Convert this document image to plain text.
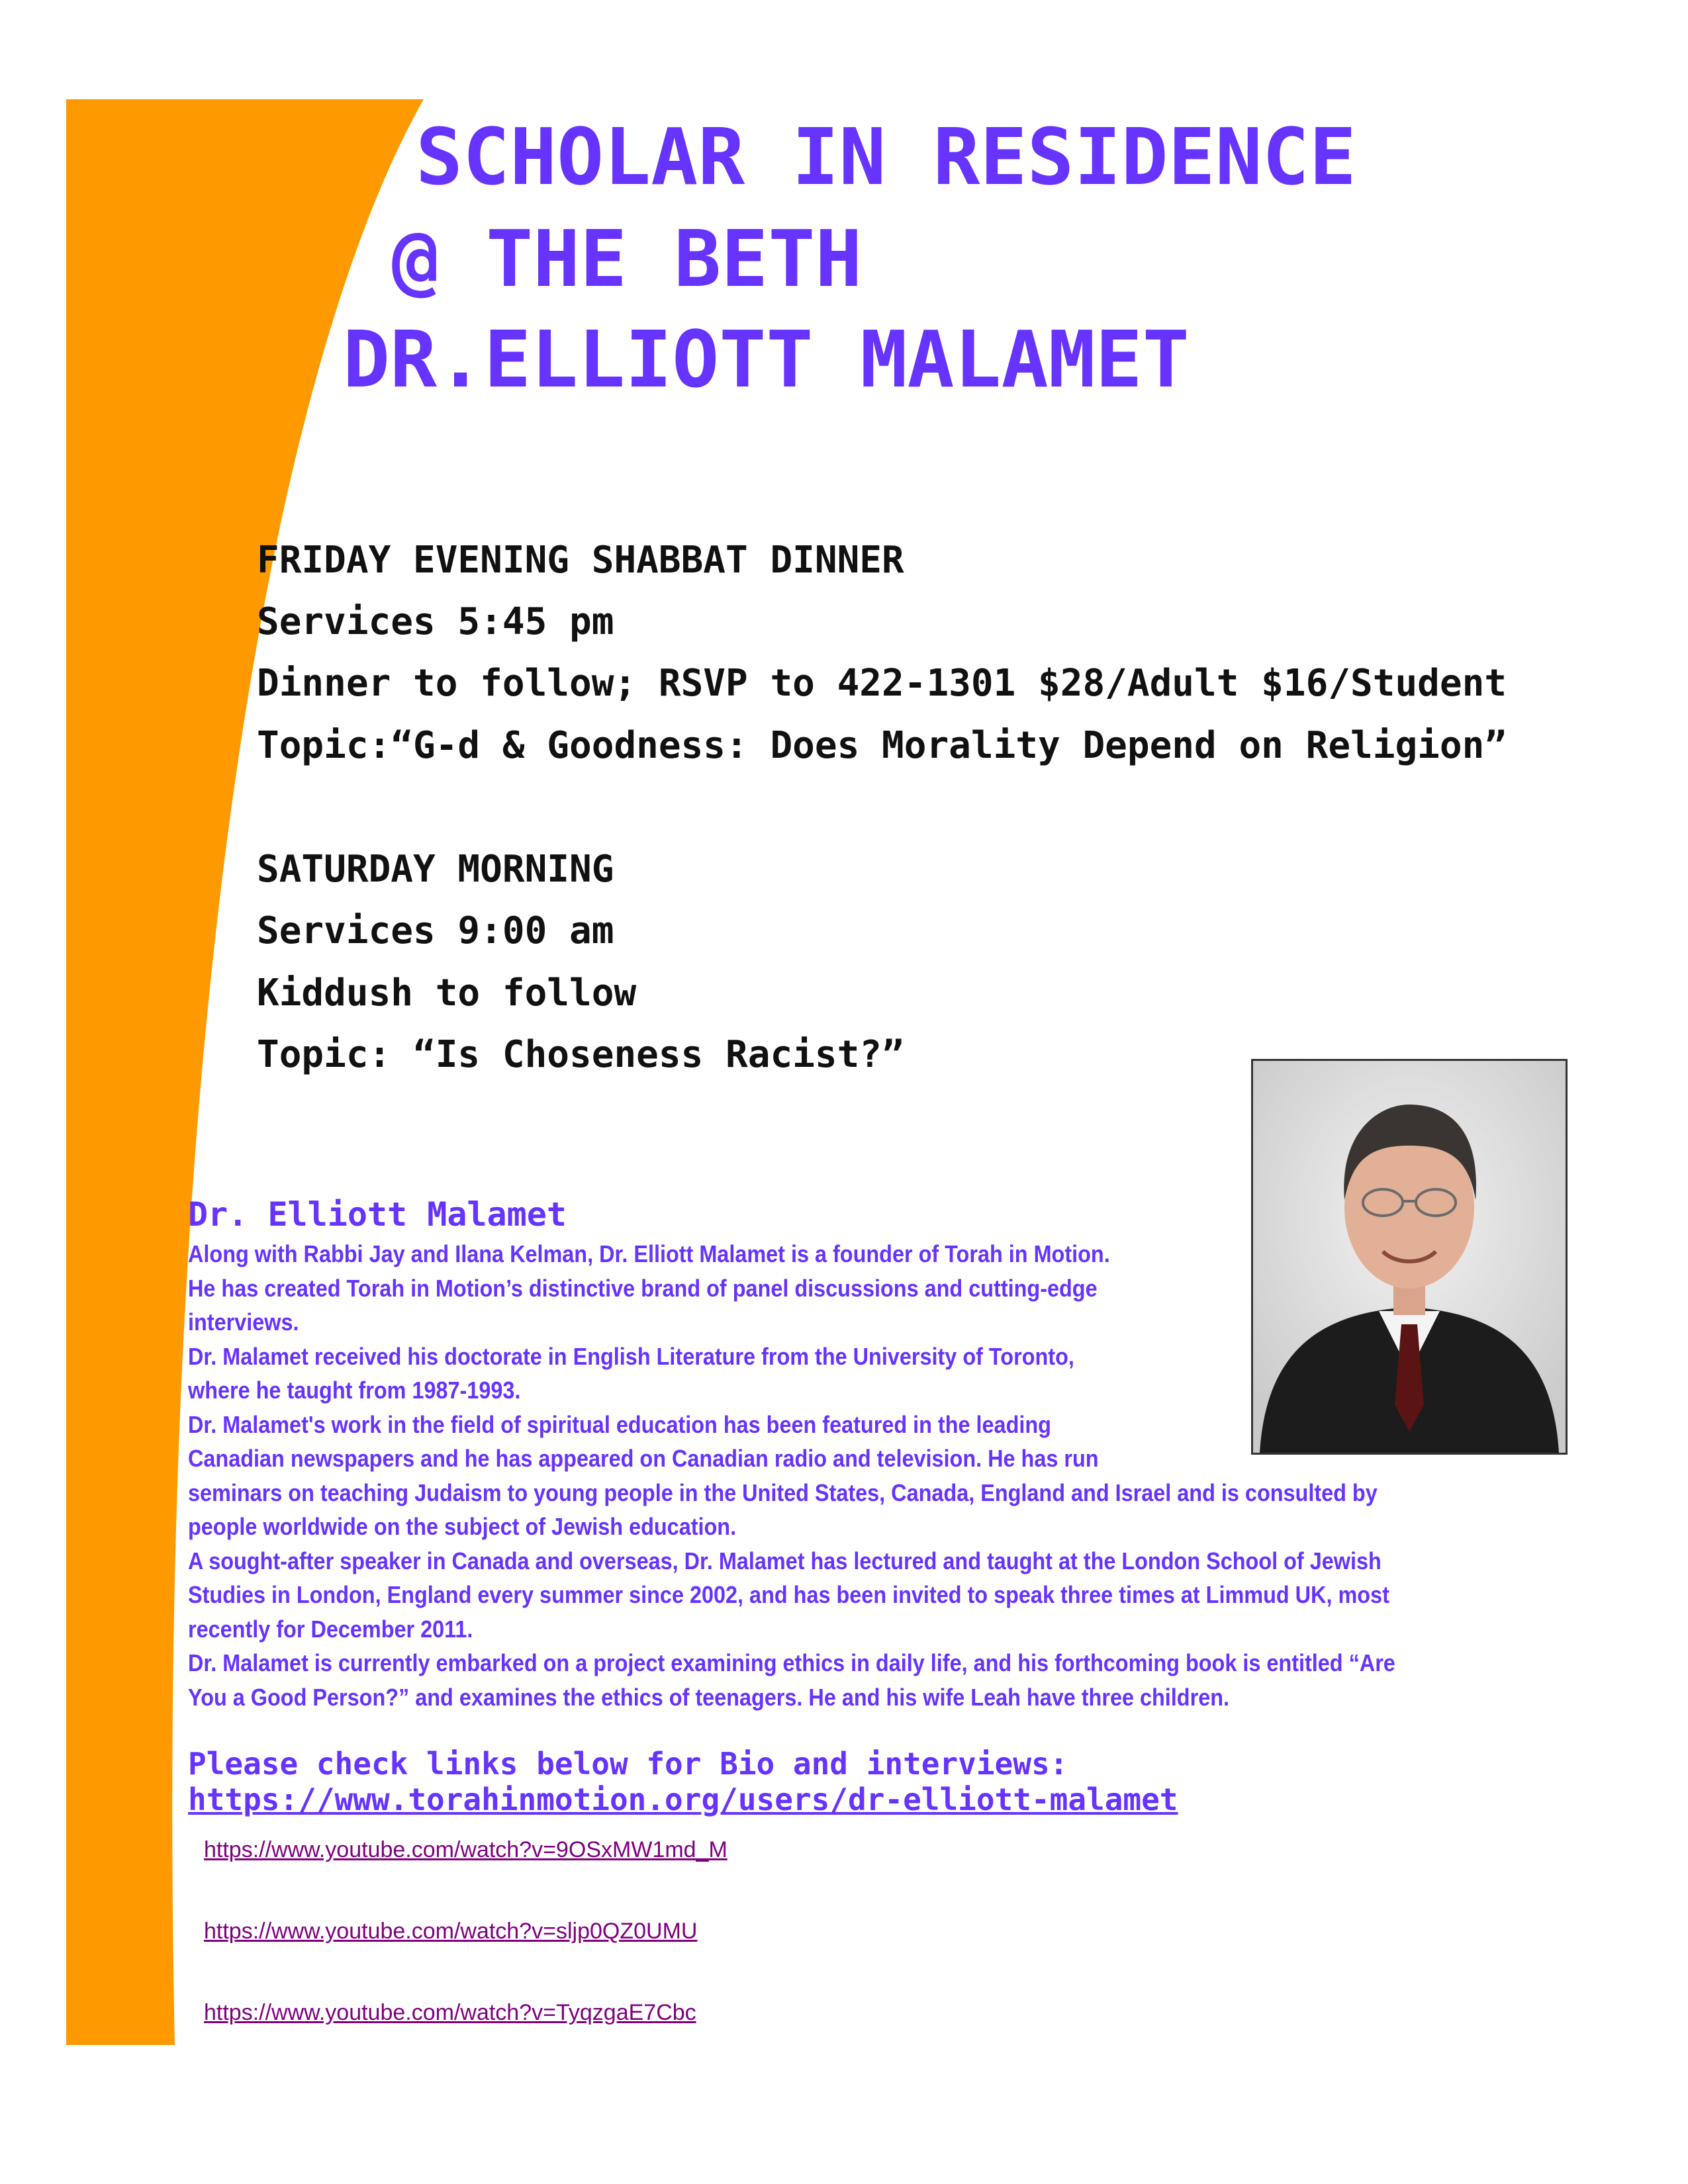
SCHOLAR IN RESIDENCE
@ THE BETH
DR.ELLIOTT MALAMET
FRIDAY EVENING SHABBAT DINNER
Services 5:45 pm
Dinner to follow; RSVP to 422-1301 $28/Adult $16/Student
Topic:“G-d & Goodness: Does Morality Depend on Religion”
SATURDAY MORNING
Services 9:00 am
Kiddush to follow
Topic: “Is Choseness Racist?”
Dr. Elliott Malamet
Along with Rabbi Jay and Ilana Kelman, Dr. Elliott Malamet is a founder of Torah in Motion.
He has created Torah in Motion’s distinctive brand of panel discussions and cutting-edge
interviews.
Dr. Malamet received his doctorate in English Literature from the University of Toronto,
where he taught from 1987-1993.
Dr. Malamet's work in the field of spiritual education has been featured in the leading
Canadian newspapers and he has appeared on Canadian radio and television. He has run
seminars on teaching Judaism to young people in the United States, Canada, England and Israel and is consulted by
people worldwide on the subject of Jewish education.
A sought-after speaker in Canada and overseas, Dr. Malamet has lectured and taught at the London School of Jewish
Studies in London, England every summer since 2002, and has been invited to speak three times at Limmud UK, most
recently for December 2011.
Dr. Malamet is currently embarked on a project examining ethics in daily life, and his forthcoming book is entitled “Are
You a Good Person?” and examines the ethics of teenagers. He and his wife Leah have three children.
Please check links below for Bio and interviews:
https://www.torahinmotion.org/users/dr-elliott-malamet
https://www.youtube.com/watch?v=9OSxMW1md_M
https://www.youtube.com/watch?v=sljp0QZ0UMU
https://www.youtube.com/watch?v=TyqzgaE7Cbc
